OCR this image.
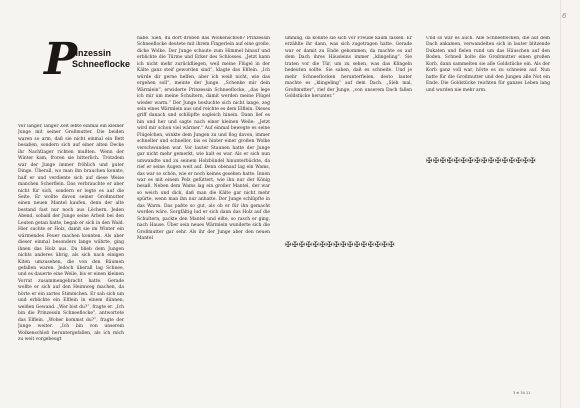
6
P
rinzessin
Schneeflocke

Vor langer, langer Zeit lebte einmal ein kleiner Junge mit seiner Großmutter. Die beiden waren so arm, daß sie nicht einmal ein Bett besaßen, sondern sich auf einer alten Decke ihr Nachtlager richten mußten. Wenn der Winter kam, froren sie bitterlich. Trotzdem war der Junge immer fröhlich und guter Dinge. Überall, wo man ihn brauchen konnte, half er und verdiente sich auf diese Weise manchen Scherflein. Das verbrauchte er aber nicht für sich, sondern er legte es auf die Seite. Er wollte davon seiner Großmutter einen neuen Mantel kaufen, denn der alte bestand fast nur noch aus Löchern. Jeden Abend, sobald der Junge seine Arbeit bei den Leuten getan hatte, begab er sich in den Wald. Hier suchte er Holz, damit sie im Winter ein wärmendes Feuer machen konnten. Als aber dieser einmal besonders lange währte, ging ihnen das Holz aus. Da blieb dem Jungen nichts anderes übrig, als sich nach einigen Kiten umzusehen, die von den Bäumen gefallen waren. Jedoch überall lag Schnee, und es dauerte eine Weile, bis er einen kleinen Vorrat zusammengebracht hatte. Gerade wollte er sich auf den Heimweg machen, da hörte er ein zartes Stimmchen. Er sah sich um und erblickte ein Elflein in einem dünnen, weißen Gewand. „Wer bist du?“, fragte er. „Ich bin die Prinzessin Schneeflocke“, antwortete das Elflein. „Woher kommst du?“, fragte der Junge weiter. „Ich bin von unserem Wolkenschloß heruntergefallen, als ich mich zu weit vorgebeugt

habe. Sieh, du dort droben das Wolkenschloß? Prinzessin Schneeflocke deutete mit ihrem Fingerlein auf eine große, dicke Wolke. Der Junge schaute zum Himmel hinauf und erblickte die Türme und Erker des Schlosses. „Jetzt kann ich nicht mehr zurückfliegen, weil meine Flügel in der Kälte ganz steif geworden sind“, klagte das Elflein. „Ich würde dir gerne helfen, aber ich weiß nicht, wie das ergehen soll“, meinte der Junge. „Schenke mir dein Wärmlein“, erwiderte Prinzessin Schneeflocke, „das lege ich mir um meine Schultern, damit werden meine Flügel wieder warm.“ Der Junge besluchte sich nicht lange, zog sein eines Wärmlein aus und reichte es dem Elflein. Dieses griff danach und schlüpfte sogleich hinein. Dann lief es hin und her und sagte nach einer kleinen Weile: „Jetzt wird mir schon viel wärmer.“ Auf einmal bewegte es seine Flügelchen, winkte dem Jungen zu und flog davon, immer schneller und schneller, bis es hinter einer großen Wolke verschwunden war. Vor lauter Staunen hatte der Junge gar nicht mehr gemerkt, wie kalt es war. Als er sich nun umwandte und zu seinem Holzbündel hinunterbückte, da rief er seine Augen weit auf. Denn obenauf lag ein Wams, das war so schön, wie er noch keines gesehen hatte. Innen war es mit einem Pelz gefüttert, wie ihn nur der König besaß. Neben dem Wams lag ein großer Mantel, der war so weich und dick, daß man die Kälte gar nicht mehr spürte, wenn man ihn nur anhatte. Der Junge schlüpfte in das Warm. Das paßte so gut, als ob er für ihn gemacht worden wäre. Sorgfältig lud er sich dann das Holz auf die Schultern, packte den Mantel und eilte, so rasch er ging, nach Hause. Über sein neues Wärmlein wunderte sich die Großmutter gar sehr. Als ihr der Junge aber den neuen Mantel

umhing, da konnte sie sich vor Freude kaum fassen. Er erzählte ihr dann, was sich zugetragen hatte. Gerade war er damit zu Ende gekommen, da machte es auf dem Dach ihres Häusleins immer „klingeling“. Sie traten vor die Tür, um zu sehen, was das Klingeln bedeuten sollte. Sie sahen, daß es schneite. Und je mehr Schneeflocken herunterfielen, desto lauter machte es „klingeling“ auf dem Dach. „Sieh mal, Großmutter“, rief der Junge, „von unserem Dach fallen Goldstücke herunter.“

✠✠✠✠✠✠✠✠✠✠✠✠✠✠✠✠

Und so war es auch. Alle Schneeflocken, die auf dem Dach ankamen, verwandelten sich in lauter blitzende Dukaten und fielen rund um das Häuschen auf den Boden. Schnell holte die Großmutter einen großen Korb, dann sammelten sie alle Goldstücke ein. Als der Korb ganz voll war, hörte es zu schneien auf. Nun hatte für die Großmutter und den Jungen alle Not ein Ende. Die Goldstücke reichten für ganzes Leben lang und wurden nie mehr arm.

✠✠✠✠✠✠✠✠✠✠✠✠✠✠✠✠
3 ⊕ 34 11
